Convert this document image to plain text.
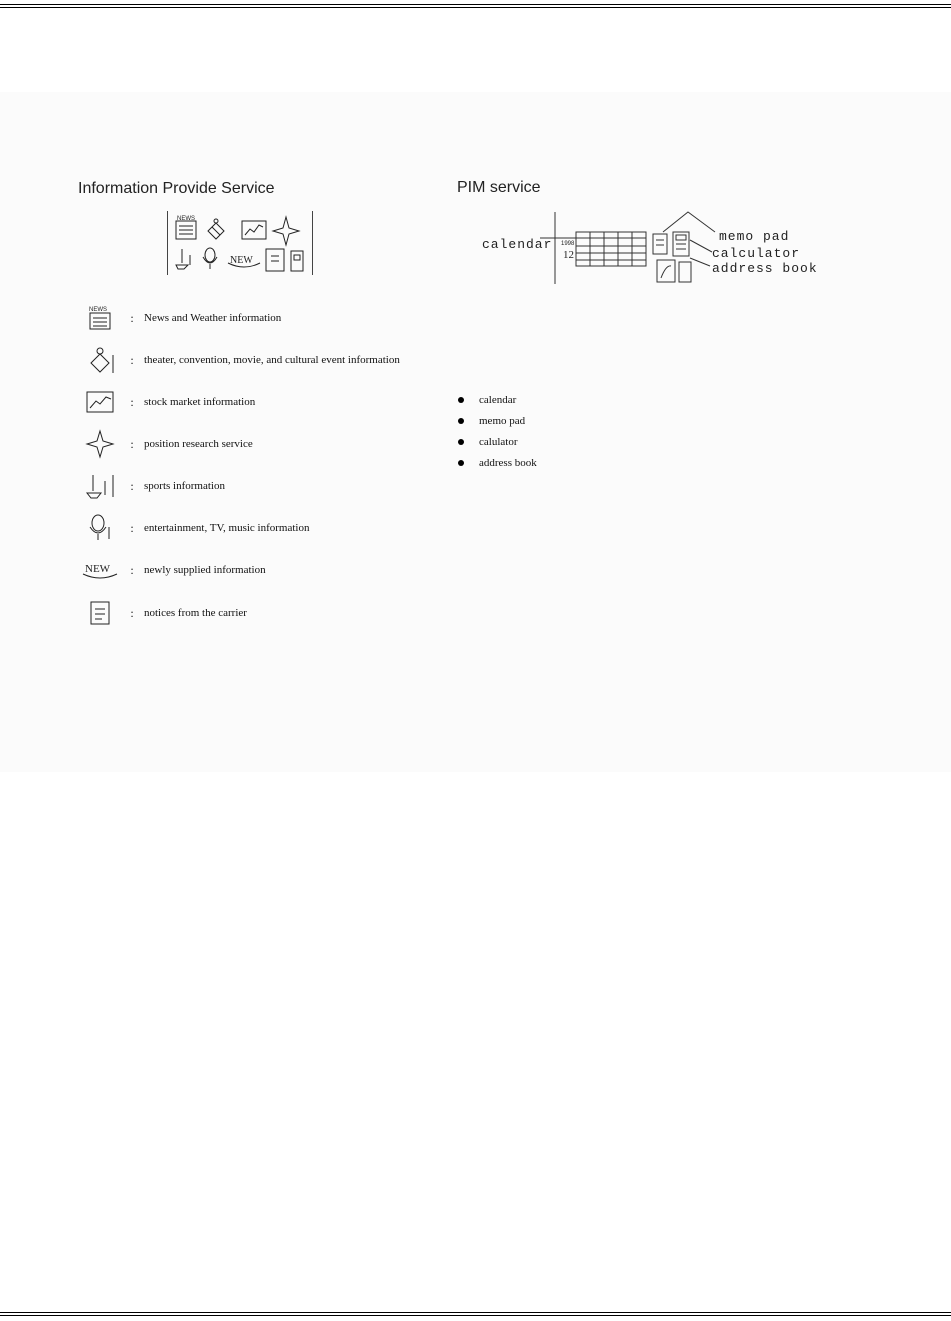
Information Provide Service
NEWS
NEW
NEWS
: News and Weather information
: theater, convention, movie, and cultural event information
: stock market information
: position research service
: sports information
: entertainment, TV, music information
NEW	: newly supplied information
: notices from the carrier
PIM service
1998
12
calendar
memo pad
calculator
address book
calendar
memo pad
calulator
address book
